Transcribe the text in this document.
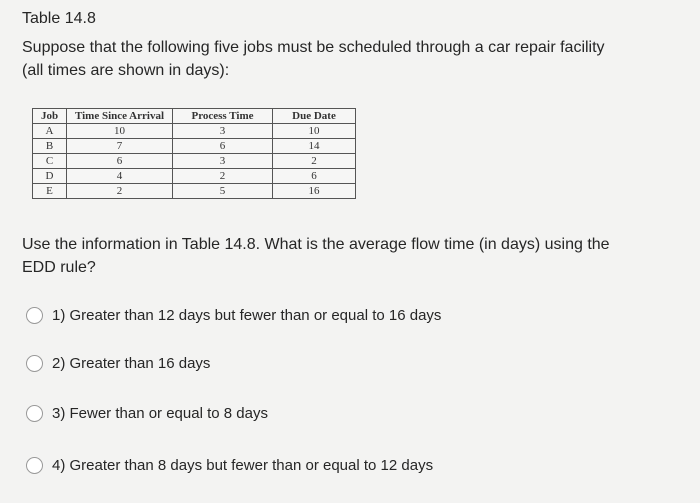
Table 14.8
Suppose that the following five jobs must be scheduled through a car repair facility
(all times are shown in days):
Job	Time Since Arrival	Process Time	Due Date
A	10	3	10
B	7	6	14
C	6	3	2
D	4	2	6
E	2	5	16
Use the information in Table 14.8. What is the average flow time (in days) using the
EDD rule?
1) Greater than 12 days but fewer than or equal to 16 days
2) Greater than 16 days
3) Fewer than or equal to 8 days
4) Greater than 8 days but fewer than or equal to 12 days
